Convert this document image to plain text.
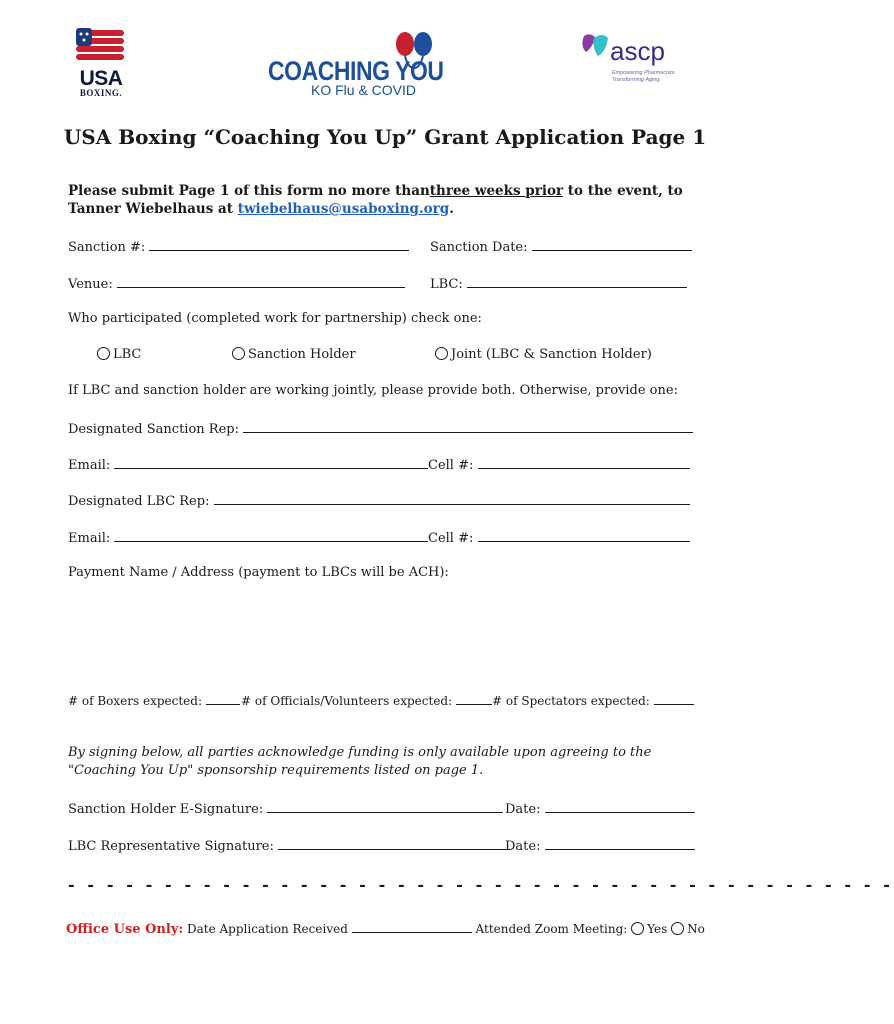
USA
BOXING.
COACHING YOU
KO Flu & COVID
ascp
Empowering Pharmacists.
Transforming Aging.
USA Boxing “Coaching You Up” Grant Application Page 1
Please submit Page 1 of this form no more thanthree weeks prior to the event, to Tanner Wiebelhaus at twiebelhaus@usaboxing.org.
Sanction #:	Sanction Date:
Venue:	LBC:
Who participated (completed work for partnership) check one:
LBC	Sanction Holder	Joint (LBC & Sanction Holder)
If LBC and sanction holder are working jointly, please provide both. Otherwise, provide one:
Designated Sanction Rep:
Email:	Cell #:
Designated LBC Rep:
Email:	Cell #:
Payment Name / Address (payment to LBCs will be ACH):
# of Boxers expected:	# of Officials/Volunteers expected:	# of Spectators expected:
By signing below, all parties acknowledge funding is only available upon agreeing to the "Coaching You Up" sponsorship requirements listed on page 1.
Sanction Holder E-Signature:	Date:
LBC Representative Signature:	Date:
- - - - - - - - - - - - - - - - - - - - - - - - - - - - - - - - - - - - - - - - - - -
Office Use Only: Date Application Received	Attended Zoom Meeting: Yes No
